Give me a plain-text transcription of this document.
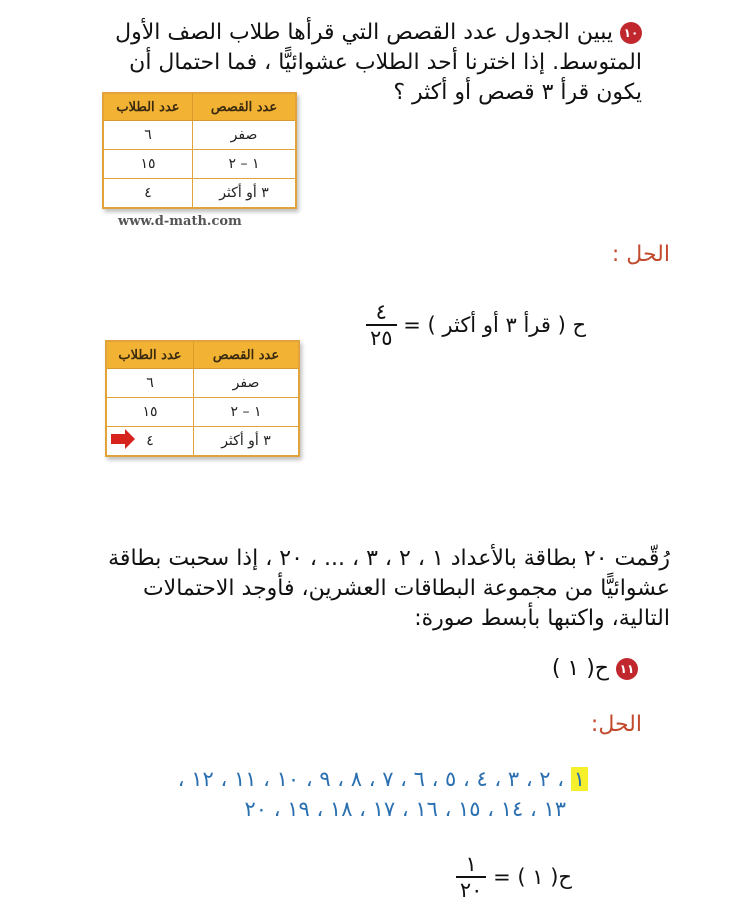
١٠ يبين الجدول عدد القصص التي قرأها طلاب الصف الأول
المتوسط. إذا اخترنا أحد الطلاب عشوائيًّا ، فما احتمال أن
يكون قرأ ٣ قصص أو أكثر ؟
عدد القصص	عدد الطلاب
صفر	٦
١ – ٢	١٥
٣ أو أكثر	٤
www.d-math.com
الحل :
ح ( قرأ ٣ أو أكثر ) =
$\frac{٤}{٢٥}$
عدد القصص	عدد الطلاب
صفر	٦
١ – ٢	١٥
٣ أو أكثر	٤
رُقّمت ٢٠ بطاقة بالأعداد ١ ، ٢ ، ٣ ، ... ، ٢٠ ، إذا سحبت بطاقة
عشوائيًّا من مجموعة البطاقات العشرين، فأوجد الاحتمالات
التالية، واكتبها بأبسط صورة:
١١ ح( ١ )
الحل:
١ ، ٢ ، ٣ ، ٤ ، ٥ ، ٦ ، ٧ ، ٨ ، ٩ ، ١٠ ، ١١ ، ١٢ ،
١٣ ، ١٤ ، ١٥ ، ١٦ ، ١٧ ، ١٨ ، ١٩ ، ٢٠
ح( ١ ) =
$\frac{١}{٢٠}$
